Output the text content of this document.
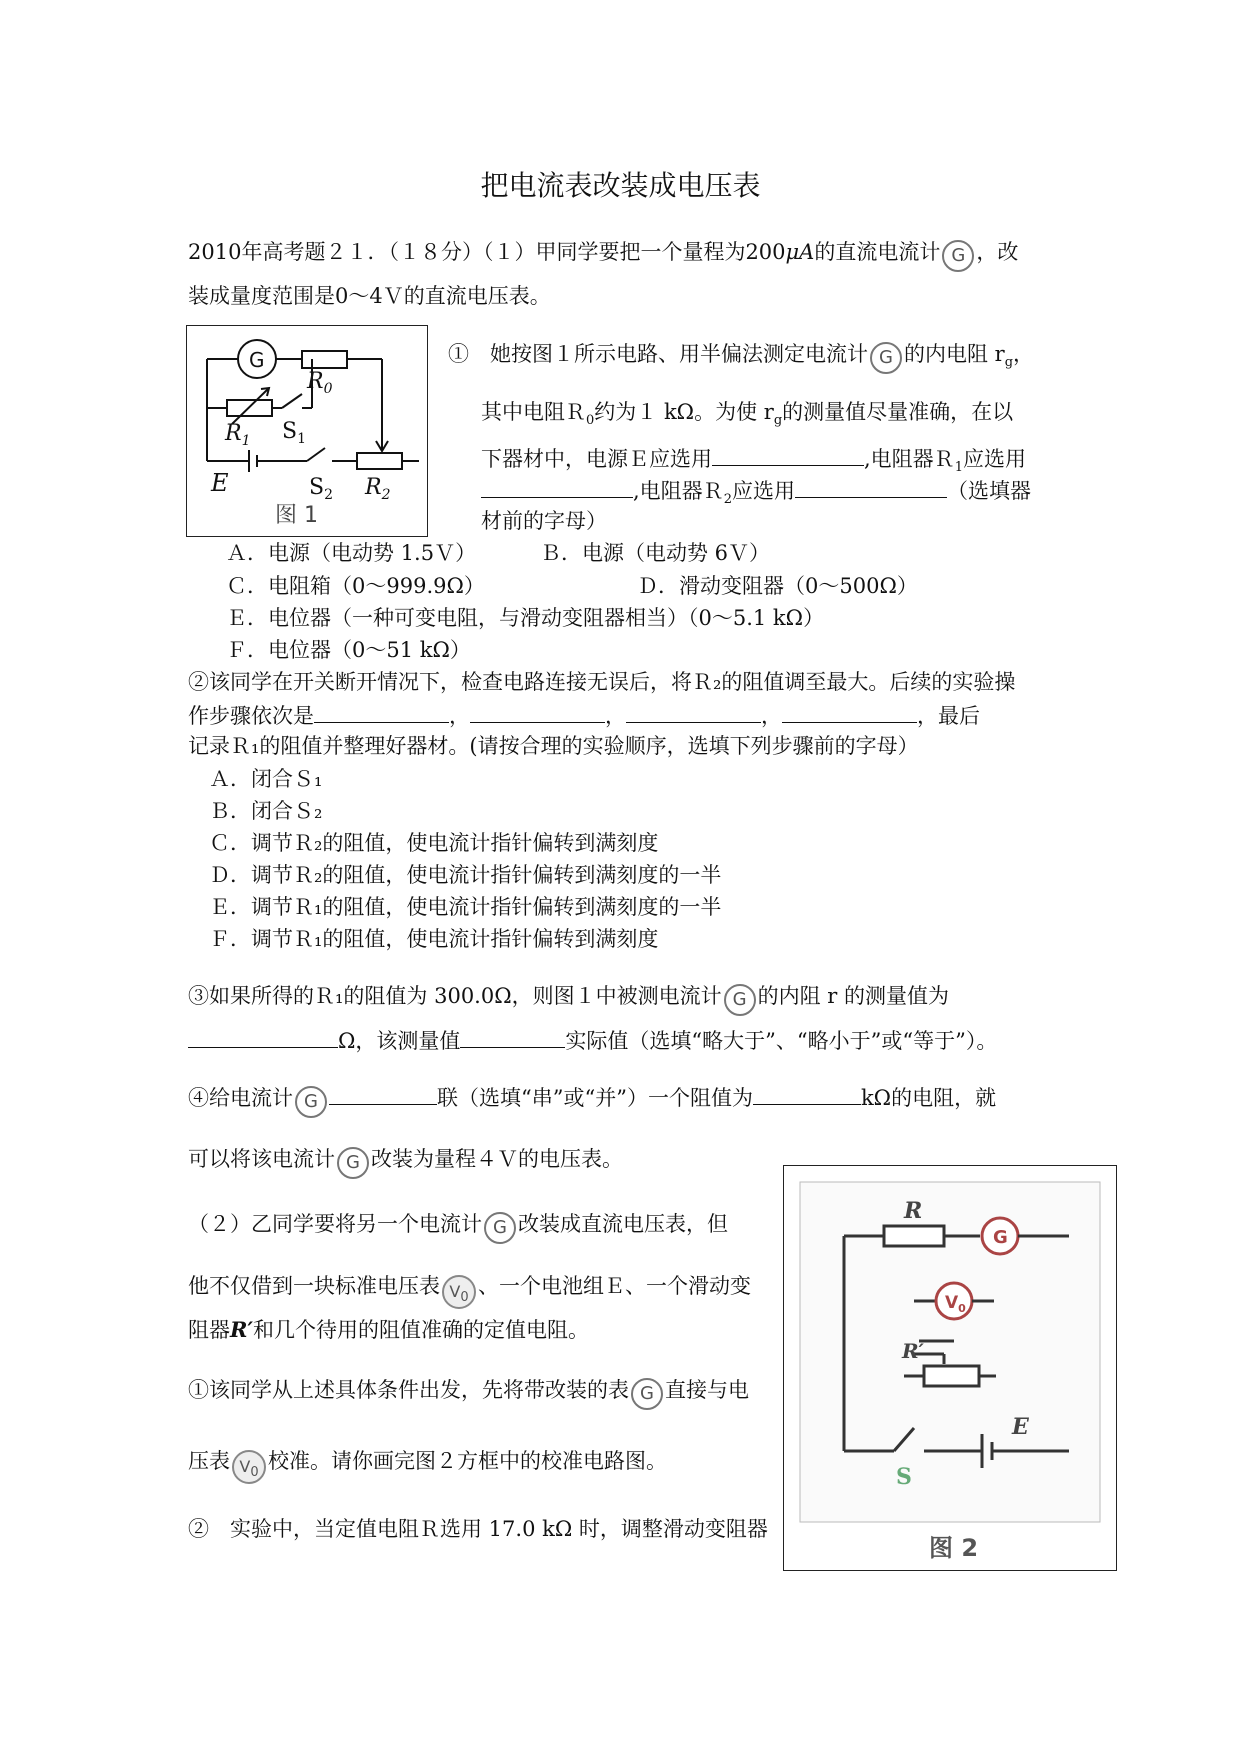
把电流表改装成电压表
2010年高考题２１．（１８分）（１）甲同学要把一个量程为200μA的直流电流计 G ，改
装成量度范围是0～4Ｖ的直流电压表。
G
$R_0$
$R_1$ $S_1$
E	$S_2$ $R_2$
图 1
①　她按图１所示电路、用半偏法测定电流计 G 的内电阻 $r_g$，
其中电阻Ｒ$_0$约为１ kΩ。为使 $r_g$的测量值尽量准确，在以
下器材中，电源Ｅ应选用	,电阻器Ｒ$_1$应选用
,电阻器Ｒ$_2$应选用	（选填器
材前的字母）
Ａ．电源（电动势 1.5Ｖ）	Ｂ．电源（电动势 6Ｖ）
Ｃ．电阻箱（0～999.9Ω）	Ｄ．滑动变阻器（0～500Ω）
Ｅ．电位器（一种可变电阻，与滑动变阻器相当）（0～5.1 kΩ）
Ｆ．电位器（0～51 kΩ）
②该同学在开关断开情况下，检查电路连接无误后，将Ｒ₂的阻值调至最大。后续的实验操
作步骤依次是	，	，	，	，最后
记录Ｒ₁的阻值并整理好器材。(请按合理的实验顺序，选填下列步骤前的字母）
Ａ．闭合Ｓ₁
Ｂ．闭合Ｓ₂
Ｃ．调节Ｒ₂的阻值，使电流计指针偏转到满刻度
Ｄ．调节Ｒ₂的阻值，使电流计指针偏转到满刻度的一半
Ｅ．调节Ｒ₁的阻值，使电流计指针偏转到满刻度的一半
Ｆ．调节Ｒ₁的阻值，使电流计指针偏转到满刻度
③如果所得的Ｒ₁的阻值为 300.0Ω，则图１中被测电流计 G 的内阻 r 的测量值为
Ω，该测量值	实际值（选填“略大于”、“略小于”或“等于”）。
④给电流计 G	联（选填“串”或“并”）一个阻值为	kΩ的电阻，就
可以将该电流计 G 改装为量程４Ｖ的电压表。
（２）乙同学要将另一个电流计 G 改装成直流电压表，但
他不仅借到一块标准电压表 $V_0$ 、一个电池组Ｅ、一个滑动变
阻器R′和几个待用的阻值准确的定值电阻。
①该同学从上述具体条件出发，先将带改装的表 G 直接与电
压表 $V_0$ 校准。请你画完图２方框中的校准电路图。
②　实验中，当定值电阻Ｒ选用 17.0 kΩ 时，调整滑动变阻器
R
G
$V_0$
R′
S
E
图 2
